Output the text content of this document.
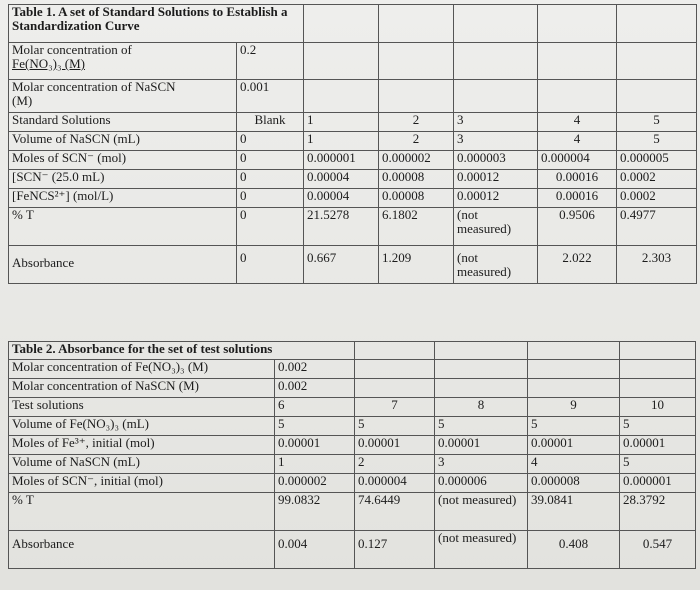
Table 1. A set of Standard Solutions to Establish a
Standardization Curve						

Molar concentration of
Fe(NO₃)₃ (M)	0.2					

Molar concentration of NaSCN
(M)	0.001					
Standard Solutions	Blank	1	2	3	4	5
Volume of NaSCN (mL)	0	1	2	3	4	5
Moles of SCN⁻ (mol)	0	0.000001	0.000002	0.000003	0.000004	0.000005
[SCN⁻ (25.0 mL)	0	0.00004	0.00008	0.00012	0.00016	0.0002
[FeNCS²⁺] (mol/L)	0	0.00004	0.00008	0.00012	0.00016	0.0002
% T	0	21.5278	6.1802	(not measured)	0.9506	0.4977
Absorbance	0	0.667	1.209	(not measured)	2.022	2.303
Table 2. Absorbance for the set of test solutions					
Molar concentration of Fe(NO₃)₃ (M)	0.002				
Molar concentration of NaSCN (M)	0.002				
Test solutions	6	7	8	9	10
Volume of Fe(NO₃)₃ (mL)	5	5	5	5	5
Moles of Fe³⁺, initial (mol)	0.00001	0.00001	0.00001	0.00001	0.00001
Volume of NaSCN (mL)	1	2	3	4	5
Moles of SCN⁻, initial (mol)	0.000002	0.000004	0.000006	0.000008	0.000001
% T	99.0832	74.6449	(not measured)	39.0841	28.3792
Absorbance	0.004	0.127	(not measured)	0.408	0.547
